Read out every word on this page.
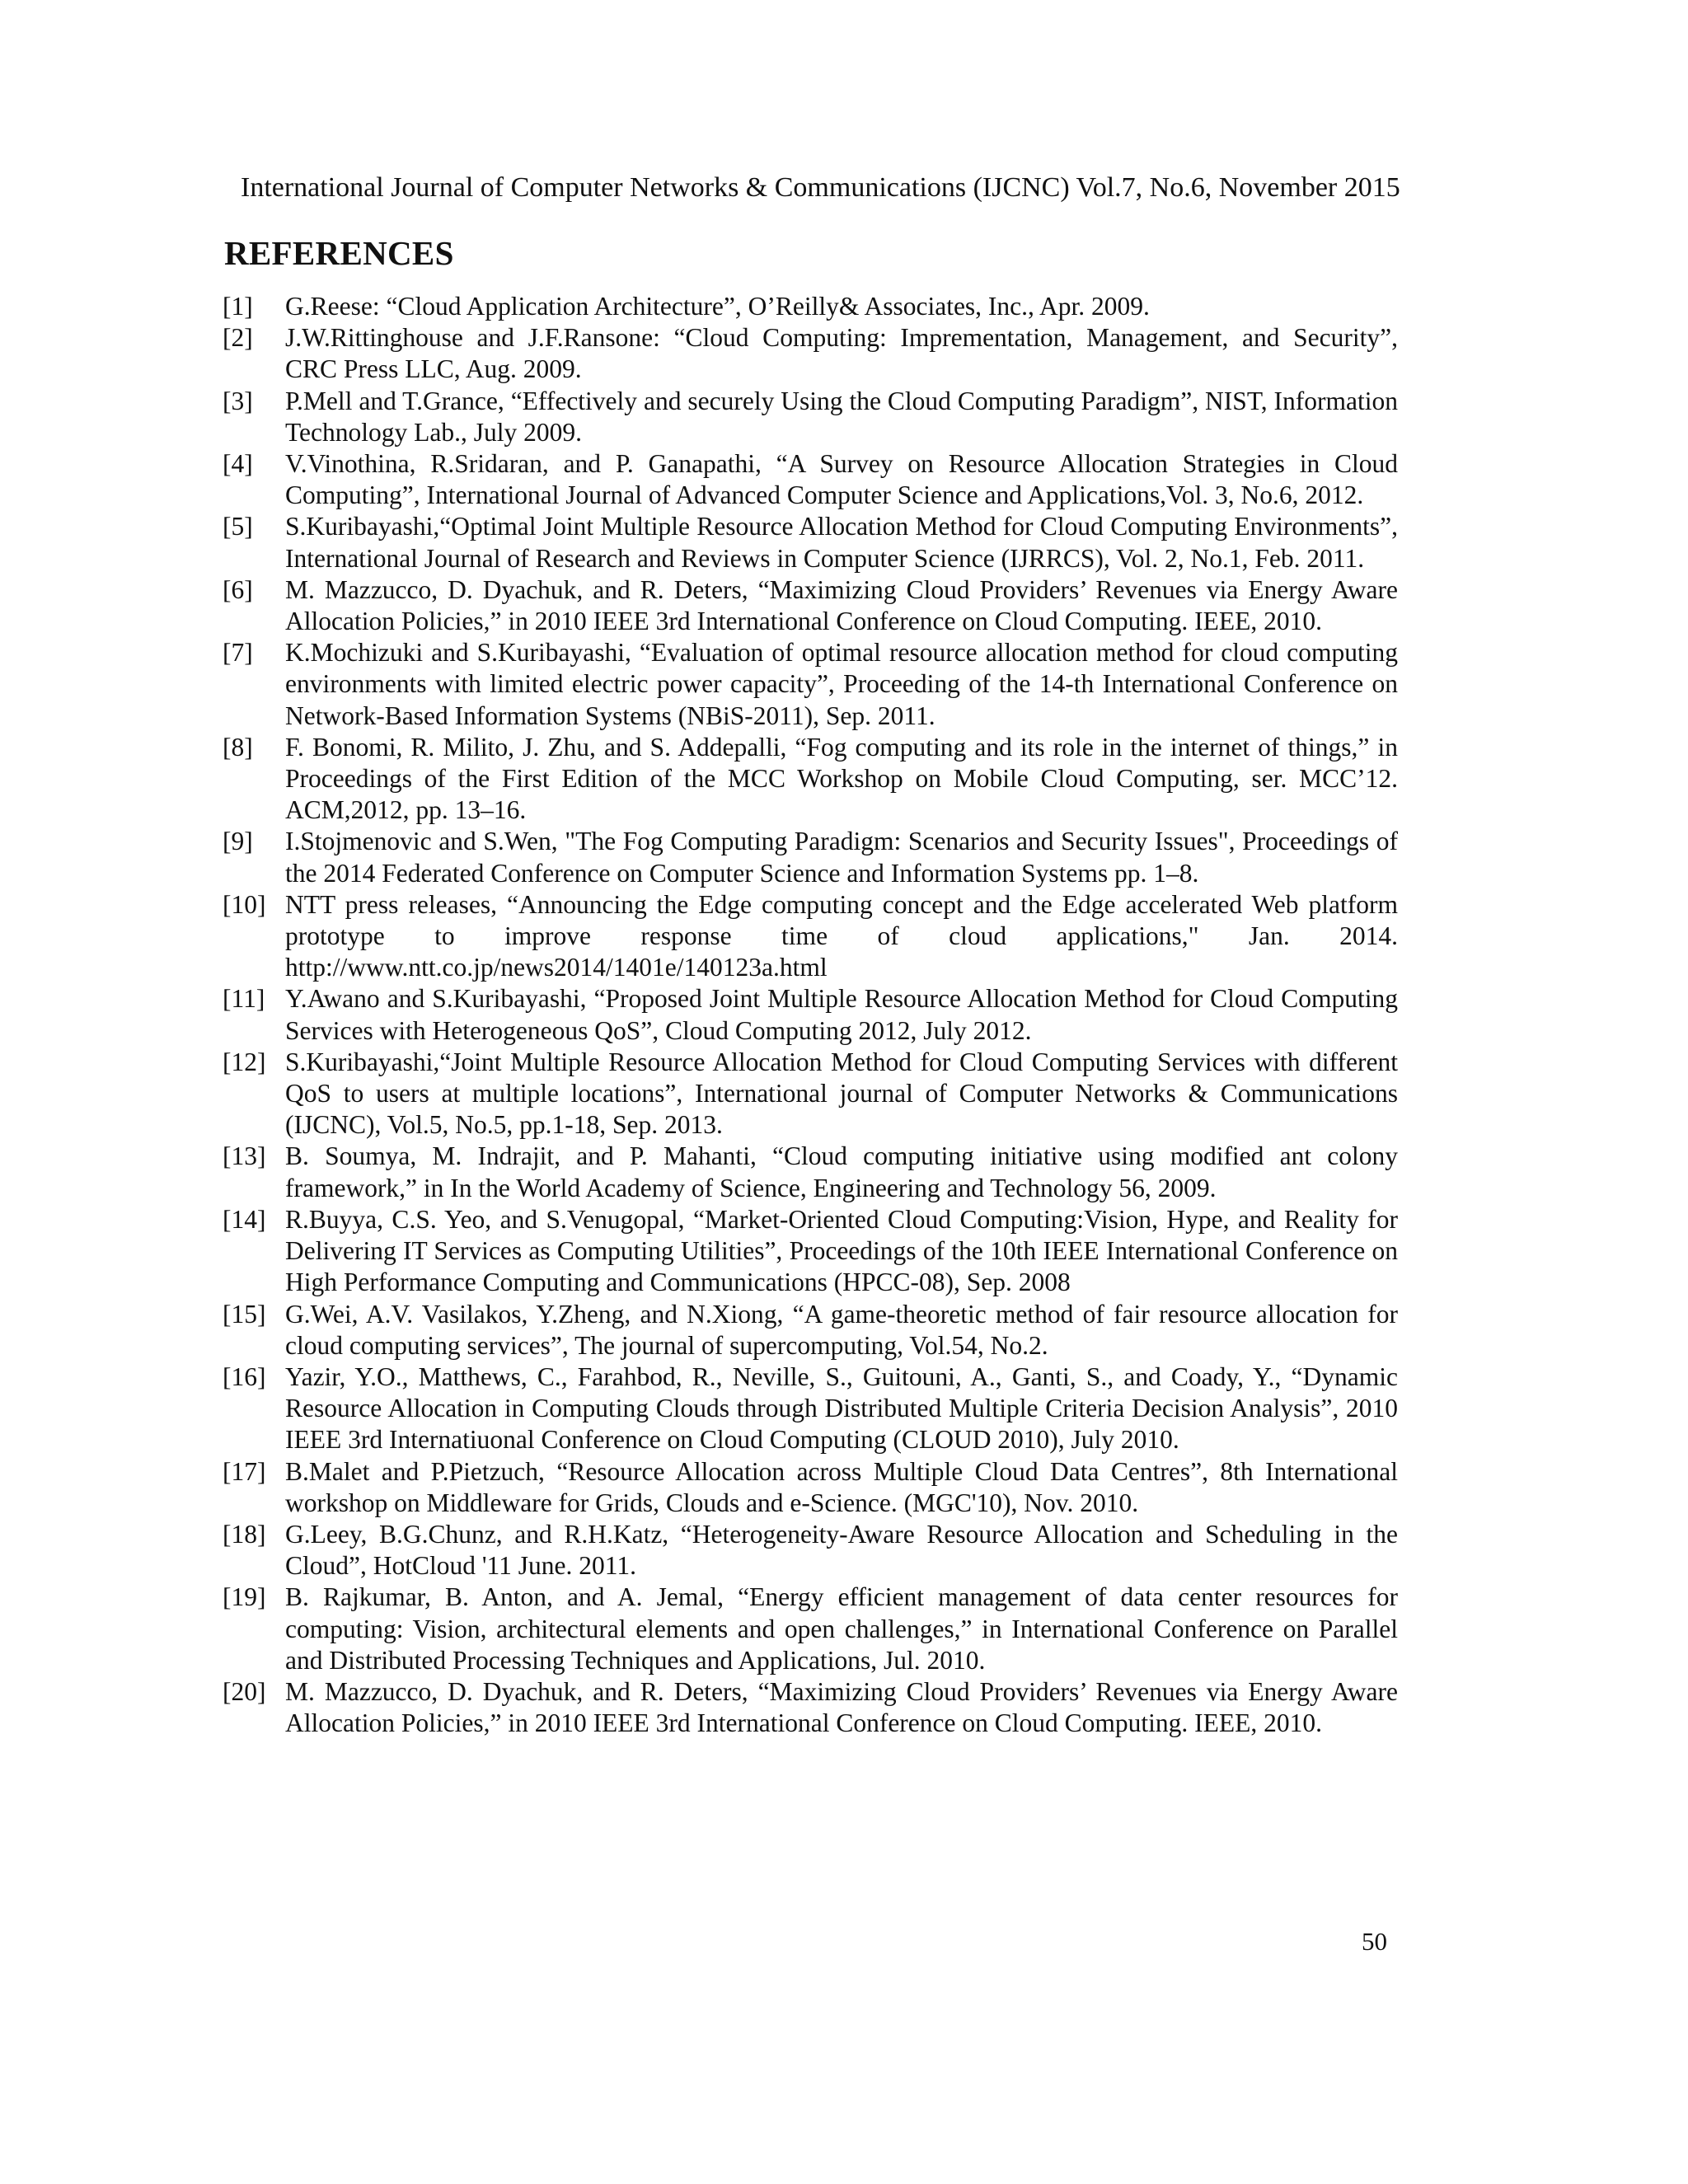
International Journal of Computer Networks & Communications (IJCNC) Vol.7, No.6, November 2015
REFERENCES
[1]	G.Reese: “Cloud Application Architecture”, O’Reilly& Associates, Inc., Apr. 2009.
[2]	J.W.Rittinghouse and J.F.Ransone: “Cloud Computing: Imprementation, Management, and Security”, CRC Press LLC, Aug. 2009.
[3]	P.Mell and T.Grance, “Effectively and securely Using the Cloud Computing Paradigm”, NIST, Information Technology Lab., July 2009.
[4]	V.Vinothina, R.Sridaran, and P. Ganapathi, “A Survey on Resource Allocation Strategies in Cloud Computing”, International Journal of Advanced Computer Science and Applications,Vol. 3, No.6, 2012.
[5]	S.Kuribayashi,“Optimal Joint Multiple Resource Allocation Method for Cloud Computing Environments”, International Journal of Research and Reviews in Computer Science (IJRRCS), Vol. 2, No.1, Feb. 2011.
[6]	M. Mazzucco, D. Dyachuk, and R. Deters, “Maximizing Cloud Providers’ Revenues via Energy Aware Allocation Policies,” in 2010 IEEE 3rd International Conference on Cloud Computing. IEEE, 2010.
[7]	K.Mochizuki and S.Kuribayashi, “Evaluation of optimal resource allocation method for cloud computing environments with limited electric power capacity”, Proceeding of the 14-th International Conference on Network-Based Information Systems (NBiS-2011), Sep. 2011.
[8]	F. Bonomi, R. Milito, J. Zhu, and S. Addepalli, “Fog computing and its role in the internet of things,” in Proceedings of the First Edition of the MCC Workshop on Mobile Cloud Computing, ser. MCC’12. ACM,2012, pp. 13–16.
[9]	I.Stojmenovic and S.Wen, "The Fog Computing Paradigm: Scenarios and Security Issues", Proceedings of the 2014 Federated Conference on Computer Science and Information Systems pp. 1–8.
[10] NTT press releases, “Announcing the Edge computing concept and the Edge accelerated Web platform prototype to improve response time of cloud applications," Jan. 2014. http://www.ntt.co.jp/news2014/1401e/140123a.html
[11] Y.Awano and S.Kuribayashi, “Proposed Joint Multiple Resource Allocation Method for Cloud Computing Services with Heterogeneous QoS”, Cloud Computing 2012, July 2012.
[12] S.Kuribayashi,“Joint Multiple Resource Allocation Method for Cloud Computing Services with different QoS to users at multiple locations”, International journal of Computer Networks & Communications (IJCNC), Vol.5, No.5, pp.1-18, Sep. 2013.
[13] B. Soumya, M. Indrajit, and P. Mahanti, “Cloud computing initiative using modified ant colony framework,” in In the World Academy of Science, Engineering and Technology 56, 2009.
[14] R.Buyya, C.S. Yeo, and S.Venugopal, “Market-Oriented Cloud Computing:Vision, Hype, and Reality for Delivering IT Services as Computing Utilities”, Proceedings of the 10th IEEE International Conference on High Performance Computing and Communications (HPCC-08), Sep. 2008
[15] G.Wei, A.V. Vasilakos, Y.Zheng, and N.Xiong, “A game-theoretic method of fair resource allocation for cloud computing services”, The journal of supercomputing, Vol.54, No.2.
[16] Yazir, Y.O., Matthews, C., Farahbod, R., Neville, S., Guitouni, A., Ganti, S., and Coady, Y., “Dynamic Resource Allocation in Computing Clouds through Distributed Multiple Criteria Decision Analysis”, 2010 IEEE 3rd Internatiuonal Conference on Cloud Computing (CLOUD 2010), July 2010.
[17] B.Malet and P.Pietzuch, “Resource Allocation across Multiple Cloud Data Centres”, 8th International workshop on Middleware for Grids, Clouds and e-Science. (MGC'10), Nov. 2010.
[18] G.Leey, B.G.Chunz, and R.H.Katz, “Heterogeneity-Aware Resource Allocation and Scheduling in the Cloud”, HotCloud '11 June. 2011.
[19] B. Rajkumar, B. Anton, and A. Jemal, “Energy efficient management of data center resources for computing: Vision, architectural elements and open challenges,” in International Conference on Parallel and Distributed Processing Techniques and Applications, Jul. 2010.
[20] M. Mazzucco, D. Dyachuk, and R. Deters, “Maximizing Cloud Providers’ Revenues via Energy Aware Allocation Policies,” in 2010 IEEE 3rd International Conference on Cloud Computing. IEEE, 2010.
50
